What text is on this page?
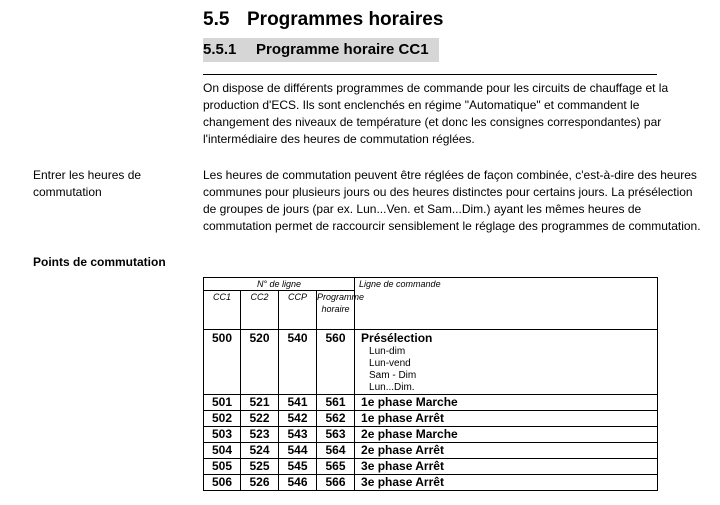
5.5 Programmes horaires
5.5.1 Programme horaire CC1
On dispose de différents programmes de commande pour les circuits de chauffage et la production d'ECS. Ils sont enclenchés en régime "Automatique" et commandent le changement des niveaux de température (et donc les consignes correspondantes) par l'intermédiaire des heures de commutation réglées.
Entrer les heures de commutation
Les heures de commutation peuvent être réglées de façon combinée, c'est-à-dire des heures communes pour plusieurs jours ou des heures distinctes pour certains jours. La présélection de groupes de jours (par ex. Lun...Ven. et Sam...Dim.) ayant les mêmes heures de commutation permet de raccourcir sensiblement le réglage des programmes de commutation.
Points de commutation
N° de ligne				Ligne de commande
CC1	CC2	CCP	Programme horaire	
500	520	540	560	Présélection
Lun-dim
Lun-vend
Sam - Dim
Lun...Dim.

501	521	541	561	1e phase Marche
502	522	542	562	1e phase Arrêt
503	523	543	563	2e phase Marche
504	524	544	564	2e phase Arrêt
505	525	545	565	3e phase Arrêt
506	526	546	566	3e phase Arrêt
